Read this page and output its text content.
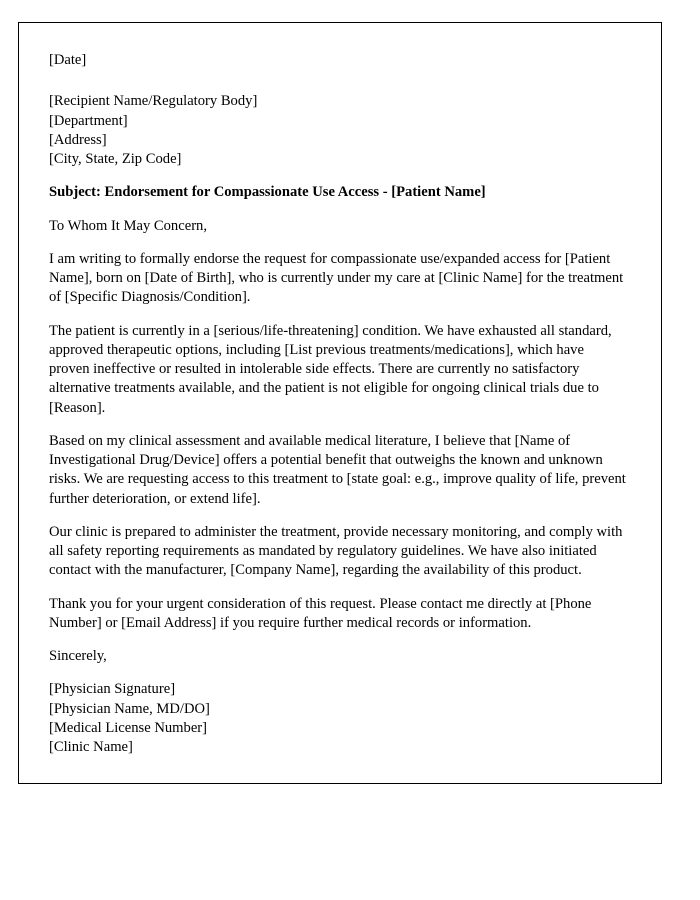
[Date]
[Recipient Name/Regulatory Body]
[Department]
[Address]
[City, State, Zip Code]
Subject: Endorsement for Compassionate Use Access - [Patient Name]
To Whom It May Concern,
I am writing to formally endorse the request for compassionate use/expanded access for [Patient Name], born on [Date of Birth], who is currently under my care at [Clinic Name] for the treatment of [Specific Diagnosis/Condition].
The patient is currently in a [serious/life-threatening] condition. We have exhausted all standard, approved therapeutic options, including [List previous treatments/medications], which have proven ineffective or resulted in intolerable side effects. There are currently no satisfactory alternative treatments available, and the patient is not eligible for ongoing clinical trials due to [Reason].
Based on my clinical assessment and available medical literature, I believe that [Name of Investigational Drug/Device] offers a potential benefit that outweighs the known and unknown risks. We are requesting access to this treatment to [state goal: e.g., improve quality of life, prevent further deterioration, or extend life].
Our clinic is prepared to administer the treatment, provide necessary monitoring, and comply with all safety reporting requirements as mandated by regulatory guidelines. We have also initiated contact with the manufacturer, [Company Name], regarding the availability of this product.
Thank you for your urgent consideration of this request. Please contact me directly at [Phone Number] or [Email Address] if you require further medical records or information.
Sincerely,
[Physician Signature]
[Physician Name, MD/DO]
[Medical License Number]
[Clinic Name]
